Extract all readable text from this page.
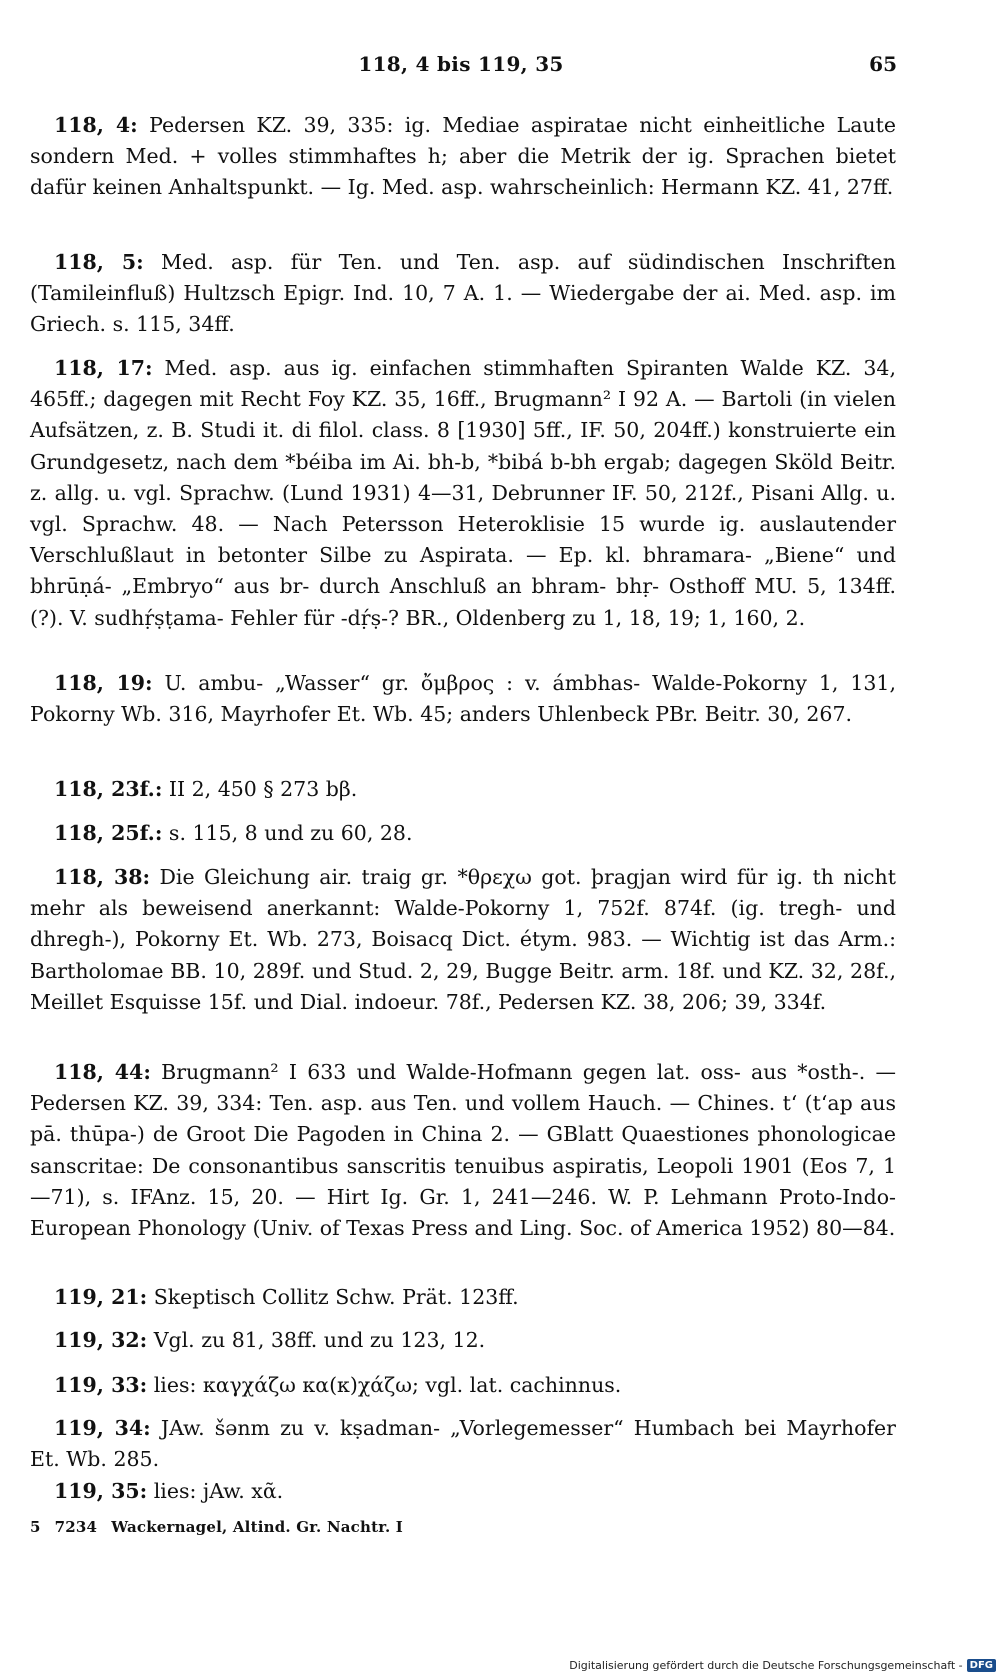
118, 4 bis 119, 35	65

118, 4: Pedersen KZ. 39, 335: ig. Mediae aspiratae nicht einheitliche Laute sondern Med. + volles stimmhaftes h; aber die Metrik der ig. Sprachen bietet dafür keinen Anhaltspunkt. — Ig. Med. asp. wahrscheinlich: Hermann KZ. 41, 27ff.

118, 5: Med. asp. für Ten. und Ten. asp. auf südindischen Inschriften (Tamileinfluß) Hultzsch Epigr. Ind. 10, 7 A. 1. — Wiedergabe der ai. Med. asp. im Griech. s. 115, 34ff.

118, 17: Med. asp. aus ig. einfachen stimmhaften Spiranten Walde KZ. 34, 465ff.; dagegen mit Recht Foy KZ. 35, 16ff., Brugmann² I 92 A. — Bartoli (in vielen Aufsätzen, z. B. Studi it. di filol. class. 8 [1930] 5ff., IF. 50, 204ff.) konstruierte ein Grundgesetz, nach dem *béiba im Ai. bh-b, *bibá b-bh ergab; dagegen Sköld Beitr. z. allg. u. vgl. Sprachw. (Lund 1931) 4—31, Debrunner IF. 50, 212f., Pisani Allg. u. vgl. Sprachw. 48. — Nach Petersson Heteroklisie 15 wurde ig. auslautender Verschlußlaut in betonter Silbe zu Aspirata. — Ep. kl. bhramara- „Biene“ und bhrūṇá- „Embryo“ aus br- durch Anschluß an bhram- bhṛ- Osthoff MU. 5, 134ff. (?). V. sudhṛ́ṣṭama- Fehler für -dṛ́ṣ-? BR., Oldenberg zu 1, 18, 19; 1, 160, 2.

118, 19: U. ambu- „Wasser“ gr. ὄμβρος : v. ámbhas- Walde-Pokorny 1, 131, Pokorny Wb. 316, Mayrhofer Et. Wb. 45; anders Uhlenbeck PBr. Beitr. 30, 267.

118, 23f.: II 2, 450 § 273 bβ.

118, 25f.: s. 115, 8 und zu 60, 28.

118, 38: Die Gleichung air. traig gr. *θρεχω got. þragjan wird für ig. th nicht mehr als beweisend anerkannt: Walde-Pokorny 1, 752f. 874f. (ig. tregh- und dhregh-), Pokorny Et. Wb. 273, Boisacq Dict. étym. 983. — Wichtig ist das Arm.: Bartholomae BB. 10, 289f. und Stud. 2, 29, Bugge Beitr. arm. 18f. und KZ. 32, 28f., Meillet Esquisse 15f. und Dial. indoeur. 78f., Pedersen KZ. 38, 206; 39, 334f.

118, 44: Brugmann² I 633 und Walde-Hofmann gegen lat. oss- aus *osth-. — Pedersen KZ. 39, 334: Ten. asp. aus Ten. und vollem Hauch. — Chines. tʻ (tʻap aus pā. thūpa-) de Groot Die Pagoden in China 2. — GBlatt Quaestiones phonologicae sanscritae: De consonantibus sanscritis tenuibus aspiratis, Leopoli 1901 (Eos 7, 1—71), s. IFAnz. 15, 20. — Hirt Ig. Gr. 1, 241—246. W. P. Lehmann Proto-Indo-European Phonology (Univ. of Texas Press and Ling. Soc. of America 1952) 80—84.

119, 21: Skeptisch Collitz Schw. Prät. 123ff.

119, 32: Vgl. zu 81, 38ff. und zu 123, 12.

119, 33: lies: καγχάζω κα(κ)χάζω; vgl. lat. cachinnus.

119, 34: JAw. šənm zu v. kṣadman- „Vorlegemesser“ Humbach bei Mayrhofer Et. Wb. 285.

119, 35: lies: jAw. xᾶ.

5 7234 Wackernagel, Altind. Gr. Nachtr. I
Digitalisierung gefördert durch die Deutsche Forschungsgemeinschaft - DFG
